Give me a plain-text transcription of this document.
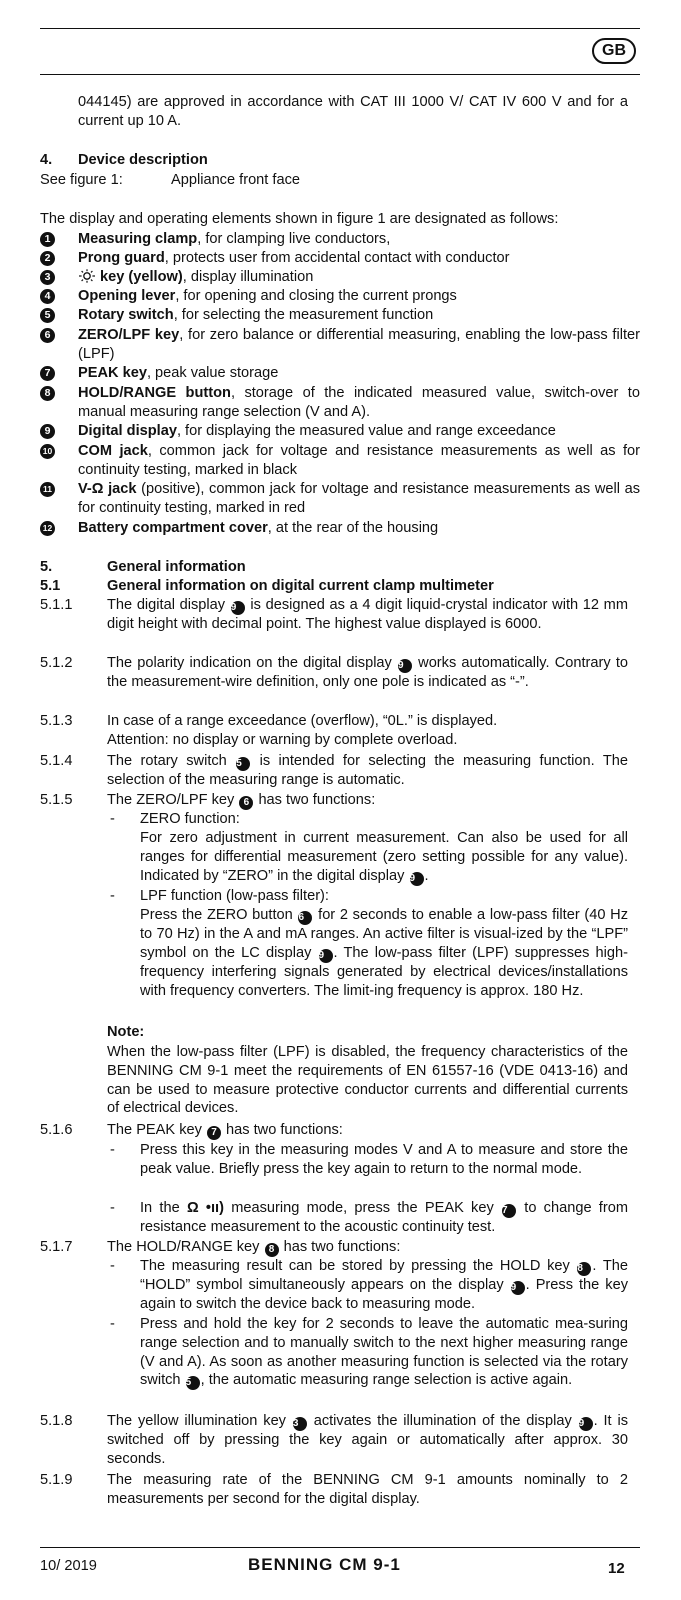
GB
044145) are approved in accordance with CAT III 1000 V/ CAT IV 600 V and for a current up 10 A.
4. Device description
See figure 1:	Appliance front face
The display and operating elements shown in figure 1 are designated as follows:
1	Measuring clamp, for clamping live conductors,
2	Prong guard, protects user from accidental contact with conductor
3	key (yellow), display illumination
4	Opening lever, for opening and closing the current prongs
5	Rotary switch, for selecting the measurement function
6	ZERO/LPF key, for zero balance or differential measuring, enabling the low-pass filter (LPF)
7	PEAK key, peak value storage
8	HOLD/RANGE button, storage of the indicated measured value, switch-over to manual measuring range selection (V and A).
9	Digital display, for displaying the measured value and range exceedance
10 COM jack, common jack for voltage and resistance measurements as well as for continuity testing, marked in black
11 V-Ω jack (positive), common jack for voltage and resistance measurements as well as for continuity testing, marked in red
12 Battery compartment cover, at the rear of the housing
5.	General information
5.1	General information on digital current clamp multimeter
5.1.1 The digital display 9 is designed as a 4 digit liquid-crystal indicator with 12 mm digit height with decimal point. The highest value displayed is 6000.
5.1.2 The polarity indication on the digital display 9 works automatically. Contrary to the measurement-wire definition, only one pole is indicated as “-”.
5.1.3 In case of a range exceedance (overflow), “0L.” is displayed.
Attention: no display or warning by complete overload.
5.1.4 The rotary switch 5 is intended for selecting the measuring function. The selection of the measuring range is automatic.
5.1.5 The ZERO/LPF key 6 has two functions:
- ZERO function:
For zero adjustment in current measurement. Can also be used for all ranges for differential measurement (zero setting possible for any value). Indicated by “ZERO” in the digital display 9 .
- LPF function (low-pass filter):
Press the ZERO button 6 for 2 seconds to enable a low-pass filter (40 Hz to 70 Hz) in the A and mA ranges. An active filter is visual-ized by the “LPF” symbol on the LC display 9 . The low-pass filter (LPF) suppresses high-frequency interfering signals generated by electrical devices/installations with frequency converters. The limit-ing frequency is approx. 180 Hz.
Note:
When the low-pass filter (LPF) is disabled, the frequency characteristics of the BENNING CM 9-1 meet the requirements of EN 61557-16 (VDE 0413-16) and can be used to measure protective conductor currents and differential currents of electrical devices.
5.1.6 The PEAK key 7 has two functions:
- Press this key in the measuring modes V and A to measure and store the peak value. Briefly press the key again to return to the normal mode.
- In the Ω •ıı) measuring mode, press the PEAK key 7 to change from resistance measurement to the acoustic continuity test.
5.1.7 The HOLD/RANGE key 8 has two functions:
- The measuring result can be stored by pressing the HOLD key 8 . The “HOLD” symbol simultaneously appears on the display 9 . Press the key again to switch the device back to measuring mode.
- Press and hold the key for 2 seconds to leave the automatic mea-suring range selection and to manually switch to the next higher measuring range (V and A). As soon as another measuring function is selected via the rotary switch 5 , the automatic measuring range selection is active again.
5.1.8 The yellow illumination key 3 activates the illumination of the display 9 . It is switched off by pressing the key again or automatically after approx. 30 seconds.
5.1.9 The measuring rate of the BENNING CM 9-1 amounts nominally to 2 measurements per second for the digital display.
10/ 2019	BENNING CM 9-1	12
